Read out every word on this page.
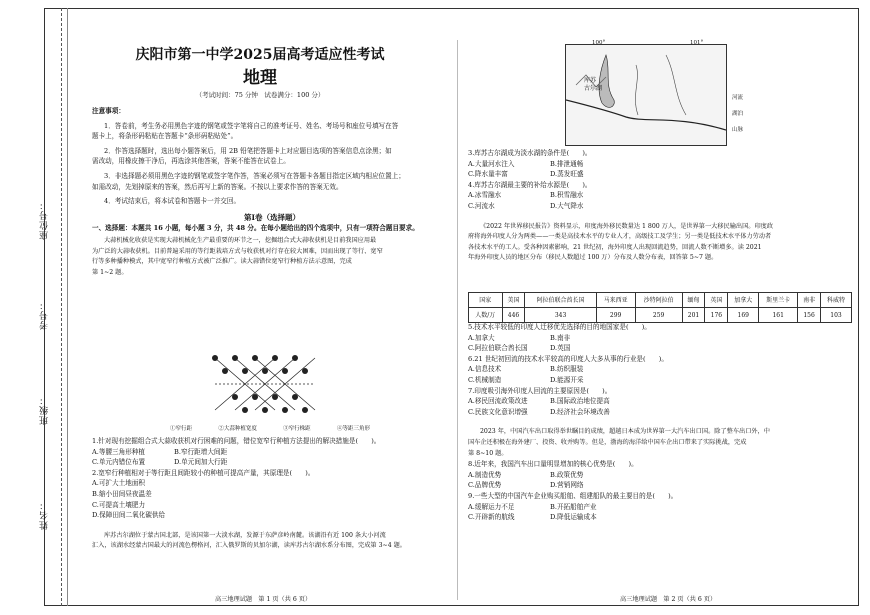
姓名：
班级：
考号：
座位号：
庆阳市第一中学2025届高考适应性考试
地理
（考试时间：75 分钟　试卷满分：100 分）

注意事项：

1．答卷前，考生务必用黑色字迹的钢笔或签字笔将自己的准考证号、姓名、考场号和座位号填写在答

题卡上，将条形码粘贴在答题卡“条形码粘贴处”。

2．作答选择题时，选出每小题答案后，用 2B 铅笔把答题卡上对应题目选项的答案信息点涂黑；如

需改动，用橡皮擦干净后，再选涂其他答案，答案不能答在试卷上。

3．非选择题必须用黑色字迹的钢笔或签字笔作答，答案必须写在答题卡各题目指定区域内相应位置上；

如需改动，先划掉原来的答案，然后再写上新的答案。不按以上要求作答的答案无效。

4．考试结束后，将本试卷和答题卡一并交回。

第Ⅰ卷（选择题）

一、选择题：本题共 16 小题，每小题 3 分，共 48 分。在每小题给出的四个选项中，只有一项符合题目要求。

大蒜机械化收获是实现大蒜机械化生产最重要的环节之一，挖掘组合式大蒜收获机是目前我国应用最

为广泛的大蒜收获机。目前普遍采用的等行距栽培方式与收获机对行存在较大困难，因而出现了等行、宽窄

行等多种播种模式，其中宽窄行种植方式被广泛推广。读大蒜错位宽窄行种植方法示意图，完成

第 1~2 题。

①窄行距	②大蒜种植宽度	③窄行株距	④等距三角形

1.针对现有挖掘组合式大蒜收获机对行困难的问题，错位宽窄行种植方法提出的解决措施是(　　)。

A.等腰三角形种植	B.窄行距增大间距
C.单元内错位布置	D.单元间加大行距

2.宽窄行种植相对于等行距且间距较小的种植可提高产量，其原理是(　　)。

A.可扩大土地面积

B.缩小田间昼夜温差

C.可提高土壤肥力

D.保障田间二氧化碳供给

库苏古尔湖位于蒙古国北部，是该国第一大淡水湖，发源于东萨彦岭南麓。该湖沿有近 100 条大小河流

汇入，该湖水经蒙古国最大的河流色楞格河，汇入俄罗斯的贝加尔湖，读库苏古尔湖水系分布图，完成第 3~4 题。

库苏
古尔湖
100°	101°

河流

湖泊

山脉

3.库苏古尔湖成为淡水湖的条件是(　　)。

A.大量河水注入	B.排泄通畅
C.降水量丰富	D.蒸发旺盛

4.库苏古尔湖最主要的补给水源是(　　)。

A.冰雪融水	B.积雪融水
C.河流水	D.大气降水

《2022 年世界移民报告》资料显示，印度海外移民数量达 1 800 万人，是世界第一大移民输出国。印度政

府将海外印度人分为两类——一类是高技术水平的专业人才，高级技工及学生；另一类是低技术水平体力劳动者

各技术水平的工人。受各种因素影响，21 世纪初，海外印度人出现回流趋势，回流人数不断增多。读 2021

年海外印度人员的地区分布（移民人数超过 100 万）分布及人数分布表，回答第 5~7 题。

国家	美国	阿拉伯联合酋长国	马来西亚	沙特阿拉伯	缅甸	英国	加拿大	斯里兰卡	南非	科威特
人数/万	446	343	299	259	201	176	169	161	156	103

5.技术水平较低的印度人迁移优先选择的目的地国家是(　　)。

A.加拿大	B.南非
C.阿拉伯联合酋长国	D.英国

6.21 世纪初回流的技术水平较高的印度人大多从事的行业是(　　)。

A.信息技术	B.纺织服装
C.机械制造	D.能源开采

7.印度吸引海外印度人回流的主要原因是(　　)。

A.移民回流政策改进	B.国际政治地位提高
C.民族文化意识增强	D.经济社会环境改善

2023 年，中国汽车出口取得举世瞩目的成绩，超越日本成为世界第一大汽车出口国。除了整车出口外，中

国车企还积极在海外建厂、投资、收并购等。但是，渤海的海洋给中国车企出口带来了实际挑战，完成

第 8~10 题。

8.近年来，我国汽车出口量明显增加的核心优势是(　　)。

A.制造优势	B.政策优势
C.品牌优势	D.营销网络

9.一些大型的中国汽车企业购买船舶、组建船队的最主要目的是(　　)。

A.缓解运力不足	B.开拓船舶产业
C.开辟新的航线	D.降低运输成本
高三地理试题　第 1 页（共 6 页）	高三地理试题　第 2 页（共 6 页）
